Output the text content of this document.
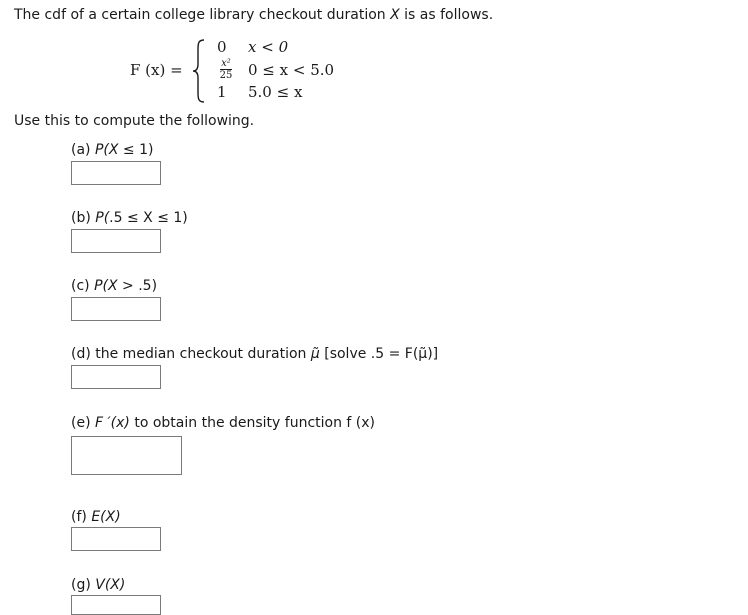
The cdf of a certain college library checkout duration X is as follows.
F (x) =
0 x < 0
x²
25 0 ≤ x < 5.0
1 5.0 ≤ x
Use this to compute the following.
(a) P(X ≤ 1)
(b) P(.5 ≤ X ≤ 1)
(c) P(X > .5)
(d) the median checkout duration μ̃ [solve .5 = F(μ̃)]
(e) F ′(x) to obtain the density function f (x)
(f) E(X)
(g) V(X)
